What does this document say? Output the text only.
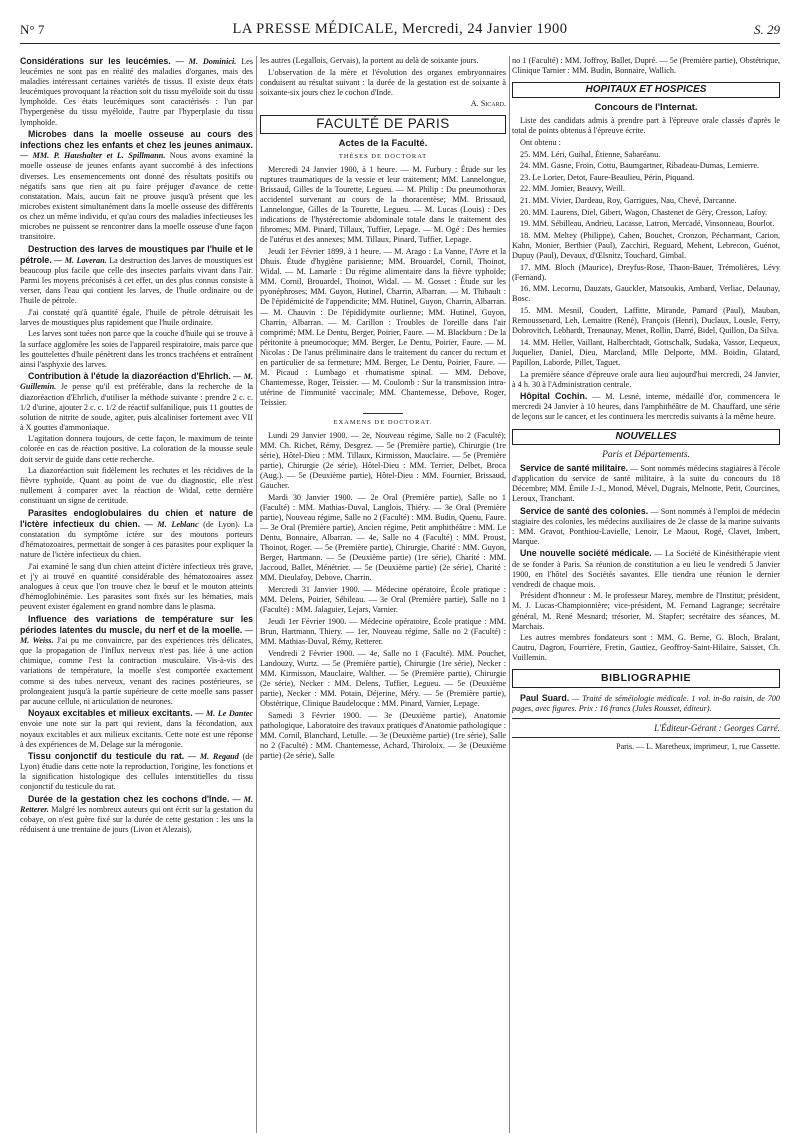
N° 7	LA PRESSE MÉDICALE, Mercredi, 24 Janvier 1900	S. 29

Considérations sur les leucémies. — M. Dominici. Les leucémies ne sont pas en réalité des maladies d'organes, mais des maladies intéressant certaines variétés de tissus. Il existe deux états leucémiques provoquant la réaction soit du tissu myéloïde soit du tissu lymphoïde. Ces états leucémiques sont caractérisés : l'un par l'hypergenèse du tissu myéloïde, l'autre par l'hyperplasie du tissu lymphoïde.

Microbes dans la moelle osseuse au cours des infections chez les enfants et chez les jeunes animaux. — MM. P. Haushalter et L. Spillmann. Nous avons examiné la moelle osseuse de jeunes enfants ayant succombé à des infections diverses. Les ensemencements ont donné des résultats positifs ou négatifs sans que rien ait pu faire préjuger d'avance de cette constatation. Mais, aucun fait ne prouve jusqu'à présent que les microbes existent simultanément dans la moelle osseuse des différents os chez un même individu, et qu'au cours des maladies infectieuses les microbes ne puissent se rencontrer dans la moelle osseuse d'une façon transitoire.

Destruction des larves de moustiques par l'huile et le pétrole. — M. Laveran. La destruction des larves de moustiques est beaucoup plus facile que celle des insectes parfaits vivant dans l'air. Parmi les moyens préconisés à cet effet, un des plus connus consiste à verser, dans l'eau qui contient les larves, de l'huile ordinaire ou de l'huile de pétrole.

J'ai constaté qu'à quantité égale, l'huile de pétrole détruisait les larves de moustiques plus rapidement que l'huile ordinaire.

Les larves sont tuées non parce que la couche d'huile qui se trouve à la surface agglomère les soies de l'appareil respiratoire, mais parce que les gouttelettes d'huile pénètrent dans les troncs trachéens et entraînent ainsi l'asphyxie des larves.

Contribution à l'étude la diazoréaction d'Ehrlich. — M. Guillemin. Je pense qu'il est préférable, dans la recherche de la diazoréaction d'Ehrlich, d'utiliser la méthode suivante : prendre 2 c. c. 1/2 d'urine, ajouter 2 c. c. 1/2 de réactif sulfanilique, puis 11 gouttes de solution de nitrite de soude, agiter, puis alcaliniser fortement avec VII à X gouttes d'ammoniaque.

L'agitation donnera toujours, de cette façon, le maximum de teinte colorée en cas de réaction positive. La coloration de la mousse seule doit servir de guide dans cette recherche.

La diazoréaction suit fidèlement les rechutes et les récidives de la fièvre typhoïde. Quant au point de vue du diagnostic, elle n'est nullement à comparer avec la réaction de Widal, cette dernière constituant un signe de certitude.

Parasites endoglobulaires du chien et nature de l'ictère infectieux du chien. — M. Leblanc (de Lyon). La constatation du symptôme ictère sur des moutons porteurs d'hématozoaires, permettait de songer à ces parasites pour expliquer la nature de l'ictère infectieux du chien.

J'ai examiné le sang d'un chien atteint d'ictère infectieux très grave, et j'y ai trouvé en quantité considérable des hématozoaires assez analogues à ceux que l'on trouve chez le bœuf et le mouton atteints d'hémoglobinémie. Les parasites sont fixés sur les hématies, mais peuvent exister également en grand nombre dans le plasma.

Influence des variations de température sur les périodes latentes du muscle, du nerf et de la moelle. — M. Weiss. J'ai pu me convaincre, par des expériences très délicates, que la propagation de l'influx nerveux n'est pas liée à une action chimique, comme l'est la contraction musculaire. Vis-à-vis des variations de température, la moelle s'est comportée exactement comme si des tubes nerveux, venant des racines postérieures, se prolongeaient jusqu'à la partie supérieure de cette moelle sans passer par aucune cellule, ni articulation de neurones.

Noyaux excitables et milieux excitants. — M. Le Dantec envoie une note sur la part qui revient, dans la fécondation, aux noyaux excitables et aux milieux excitants. Cette note est une réponse à des expériences de M. Delage sur la mérogonie.

Tissu conjonctif du testicule du rat. — M. Regaud (de Lyon) étudie dans cette note la reproduction, l'origine, les fonctions et la signification histologique des cellules interstitielles du tissu conjonctif du testicule du rat.

Durée de la gestation chez les cochons d'Inde. — M. Retterer. Malgré les nombreux auteurs qui ont écrit sur la gestation du cobaye, on n'est guère fixé sur la durée de cette gestation : les uns la réduisent à une trentaine de jours (Livon et Alezais),

les autres (Legallois, Gervais), la portent au delà de soixante jours.

L'observation de la mère et l'évolution des organes embryonnaires conduisent au résultat suivant : la durée de la gestation est de soixante à soixante-six jours chez le cochon d'Inde.

A. Sicard.

FACULTÉ DE PARIS
Actes de la Faculté.
THÈSES DE DOCTORAT

Mercredi 24 Janvier 1900, à 1 heure. — M. Furbury : Étude sur les ruptures traumatiques de la vessie et leur traitement; MM. Lannelongue, Brissaud, Gilles de la Tourette, Legueu. — M. Philip : Du pneumothorax accidentel survenant au cours de la thoracentèse; MM. Brissaud, Lannelongue, Gilles de la Tourette, Legueu. — M. Lucas (Louis) : Des indications de l'hystérectomie abdominale totale dans le traitement des fibromes; MM. Pinard, Tillaux, Tuffier, Lepage. — M. Ogé : Des hernies de l'utérus et des annexes; MM. Tillaux, Pinard, Tuffier, Lepage.

Jeudi 1er Février 1899, à 1 heure. — M. Arago : La Vanne, l'Avre et la Dhuis. Étude d'hygiène parisienne; MM. Brouardel, Cornil, Thoinot, Widal. — M. Lamarle : Du régime alimentaire dans la fièvre typhoïde; MM. Cornil, Brouardel, Thoinot, Widal. — M. Gosset : Étude sur les pyonéphroses; MM. Guyon, Hutinel, Charrin, Albarran. — M. Thibault : De l'épidémicité de l'appendicite; MM. Hutinel, Guyon, Charrin, Albarran. — M. Chauvin : De l'épididymite ourlienne; MM. Hutinel, Guyon, Charrin, Albarran. — M. Carillon : Troubles de l'oreille dans l'air comprimé; MM. Le Dentu, Berger, Poirier, Faure. — M. Blackburn : De la péritonite à pneumocoque; MM. Berger, Le Dentu, Poirier, Faure. — M. Nicolas : De l'anus préliminaire dans le traitement du cancer du rectum et en particulier de sa fermeture; MM. Berger, Le Dentu, Poirier, Faure. — M. Picaud : Lumbago et rhumatisme spinal. — MM. Debove, Chantemesse, Roger, Teissier. — M. Coulomb : Sur la transmission intra-utérine de l'immunité vaccinale; MM. Chantemesse, Debove, Roger, Teissier.

EXAMENS DE DOCTORAT.

Lundi 29 Janvier 1900. — 2e, Nouveau régime, Salle no 2 (Faculté); MM. Ch. Richet, Rémy, Desgrez. — 5e (Première partie), Chirurgie (1re série), Hôtel-Dieu : MM. Tillaux, Kirmisson, Mauclaire. — 5e (Première partie), Chirurgie (2e série), Hôtel-Dieu : MM. Terrier, Delbet, Broca (Aug.). — 5e (Deuxième partie), Hôtel-Dieu : MM. Fournier, Brissaud, Gaucher.

Mardi 30 Janvier 1900. — 2e Oral (Première partie), Salle no 1 (Faculté) : MM. Mathias-Duval, Langlois, Thiéry. — 3e Oral (Première partie), Nouveau régime, Salle no 2 (Faculté) : MM. Budin, Quenu, Faure. — 3e Oral (Première partie), Ancien régime, Petit amphithéâtre : MM. Le Dentu, Bonnaire, Albarran. — 4e, Salle no 4 (Faculté) : MM. Proust, Thoinot, Roger. — 5e (Première partie), Chirurgie, Charité : MM. Guyon, Berger, Hartmann. — 5e (Deuxième partie) (1re série), Charité : MM. Jaccoud, Ballet, Ménétrier. — 5e (Deuxième partie) (2e série), Charité : MM. Dieulafoy, Debove, Charrin.

Mercredi 31 Janvier 1900. — Médecine opératoire, École pratique : MM. Delens, Poirier, Sébileau. — 3e Oral (Première partie), Salle no 1 (Faculté) : MM. Jalaguier, Lejars, Varnier.

Jeudi 1er Février 1900. — Médecine opératoire, École pratique : MM. Brun, Hartmann, Thiery. — 1er, Nouveau régime, Salle no 2 (Faculté) : MM. Mathias-Duval, Rémy, Retterer.

Vendredi 2 Février 1900. — 4e, Salle no 1 (Faculté). MM. Pouchet, Landouzy, Wurtz. — 5e (Première partie), Chirurgie (1re série), Necker : MM. Kirmisson, Mauclaire, Walther. — 5e (Première partie), Chirurgie (2e série), Necker : MM. Delens, Tuffier, Legueu. — 5e (Deuxième partie), Necker : MM. Potain, Déjerine, Méry. — 5e (Première partie), Obstétrique, Clinique Baudelocque : MM. Pinard, Varnier, Lepage.

Samedi 3 Février 1900. — 3e (Deuxième partie), Anatomie pathologique, Laboratoire des travaux pratiques d'Anatomie pathologique : MM. Cornil, Blanchard, Letulle. — 3e (Deuxième partie) (1re série), Salle no 2 (Faculté) : MM. Chantemesse, Achard, Thiroloix. — 3e (Deuxième partie) (2e série), Salle

no 1 (Faculté) : MM. Joffroy, Ballet, Dupré. — 5e (Première partie), Obstétrique, Clinique Tarnier : MM. Budin, Bonnaire, Wallich.

HOPITAUX ET HOSPICES
Concours de l'Internat.

Liste des candidats admis à prendre part à l'épreuve orale classés d'après le total de points obtenus à l'épreuve écrite.

Ont obtenu :

25. MM. Léri, Guihal, Étienne, Sabaréanu.

24. MM. Gasne, Froin, Cottu, Baumgartner, Ribadeau-Dumas, Lemierre.

23. Le Lorier, Detot, Faure-Beaulieu, Périn, Piquand.

22. MM. Jomier, Beauvy, Weill.

21. MM. Vivier, Dardeau, Roy, Garrigues, Nau, Chevé, Darcanne.

20. MM. Laurens, Diel, Gibert, Wagon, Chastenet de Géry, Cresson, Lafoy.

19. MM. Sébilleau, Andrieu, Lacasse, Latron, Mercadé, Vinsonneau, Bourlot.

18. MM. Meltey (Philippe), Cahen, Bouchet, Cronzon, Pécharmant, Carion, Kahn, Monier, Berthier (Paul), Zacchiri, Reguard, Mehent, Lebrecon, Guénot, Dupuy (Paul), Devaux, d'Œlsnitz, Touchard, Gimbal.

17. MM. Bloch (Maurice), Dreyfus-Rose, Thaon-Bauer, Trémolières, Lévy (Fernand).

16. MM. Lecornu, Dauzats, Gauckler, Matsoukis, Ambard, Verliac, Delaunay, Bosc.

15. MM. Mesnil, Coudert, Laffitte, Mirande, Pamard (Paul), Mauban, Remoussenard, Leh, Lemaitre (René), François (Henri), Duclaux, Lousle, Ferry, Dobrovitch, Lebhardt, Trenaunay, Menet, Rollin, Darré, Bidel, Quillon, Da Silva.

14. MM. Heller, Vaillant, Halberchtadt, Gottschalk, Sudaka, Vassor, Lequeux, Juquelier, Daniel, Dieu, Marcland, Mlle Delporte, MM. Boidin, Glatard, Papillon, Laborde, Pillet, Taguet.

La première séance d'épreuve orale aura lieu aujourd'hui mercredi, 24 Janvier, à 4 h. 30 à l'Administration centrale.

Hôpital Cochin. — M. Lesné, interne, médaillé d'or, commencera le mercredi 24 Janvier à 10 heures, dans l'amphithéâtre de M. Chauffard, une série de leçons sur le cancer, et les continuera les mercredis suivants à la même heure.

NOUVELLES
Paris et Départements.

Service de santé militaire. — Sont nommés médecins stagiaires à l'école d'application du service de santé militaire, à la suite du concours du 18 Décembre; MM. Émile J.-J., Monod, Mével, Dugrais, Melnotte, Petit, Courcines, Leroux, Tranchant.

Service de santé des colonies. — Sont nommés à l'emploi de médecin stagiaire des colonies, les médecins auxiliaires de 2e classe de la marine suivants : MM. Gravot, Ponthiou-Lavielle, Lenoir, Le Maout, Rogé, Clavet, Imbert, Marque.

Une nouvelle société médicale. — La Société de Kinésithérapie vient de se fonder à Paris. Sa réunion de constitution a eu lieu le vendredi 5 Janvier 1900, en l'hôtel des Sociétés savantes. Elle tiendra une réunion le dernier vendredi de chaque mois.

Président d'honneur : M. le professeur Marey, membre de l'Institut; président, M. J. Lucas-Championnière; vice-président, M. Fernand Lagrange; secrétaire général, M. René Mesnard; trésorier, M. Stapfer; secrétaire des séances, M. Marchais.

Les autres membres fondateurs sont : MM. G. Berne, G. Bloch, Bralant, Cautru, Dagron, Fourrière, Fretin, Gautiez, Geoffroy-Saint-Hilaire, Saisset, Ch. Vuillemin.

BIBLIOGRAPHIE

Paul Suard. — Traité de séméiologie médicale. 1 vol. in-8o raisin, de 700 pages, avec figures. Prix : 16 francs (Jules Rousset, éditeur).

L'Éditeur-Gérant : Georges Carré.
Paris. — L. Maretheux, imprimeur, 1, rue Cassette.
